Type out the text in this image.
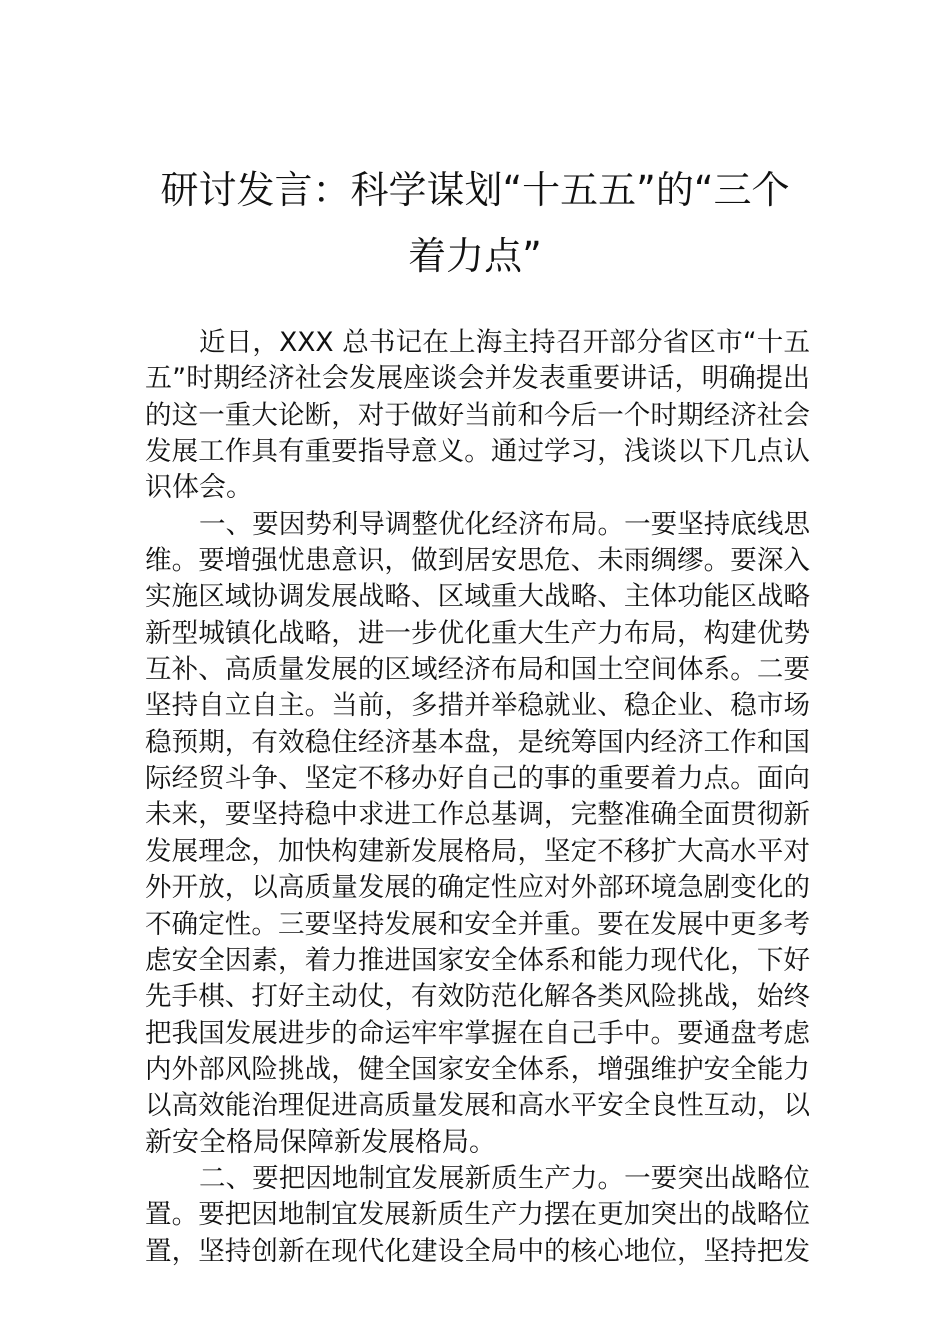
研讨发言：科学谋划“十五五”的“三个
着力点”
近日，XXX 总书记在上海主持召开部分省区市“十五
五”时期经济社会发展座谈会并发表重要讲话，明确提出
的这一重大论断，对于做好当前和今后一个时期经济社会
发展工作具有重要指导意义。通过学习，浅谈以下几点认
识体会。
一、要因势利导调整优化经济布局。一要坚持底线思
维。要增强忧患意识，做到居安思危、未雨绸缪。要深入
实施区域协调发展战略、区域重大战略、主体功能区战略
新型城镇化战略，进一步优化重大生产力布局，构建优势
互补、高质量发展的区域经济布局和国土空间体系。二要
坚持自立自主。当前，多措并举稳就业、稳企业、稳市场
稳预期，有效稳住经济基本盘，是统筹国内经济工作和国
际经贸斗争、坚定不移办好自己的事的重要着力点。面向
未来，要坚持稳中求进工作总基调，完整准确全面贯彻新
发展理念，加快构建新发展格局，坚定不移扩大高水平对
外开放，以高质量发展的确定性应对外部环境急剧变化的
不确定性。三要坚持发展和安全并重。要在发展中更多考
虑安全因素，着力推进国家安全体系和能力现代化，下好
先手棋、打好主动仗，有效防范化解各类风险挑战，始终
把我国发展进步的命运牢牢掌握在自己手中。要通盘考虑
内外部风险挑战，健全国家安全体系，增强维护安全能力
以高效能治理促进高质量发展和高水平安全良性互动，以
新安全格局保障新发展格局。
二、要把因地制宜发展新质生产力。一要突出战略位
置。要把因地制宜发展新质生产力摆在更加突出的战略位
置，坚持创新在现代化建设全局中的核心地位，坚持把发
